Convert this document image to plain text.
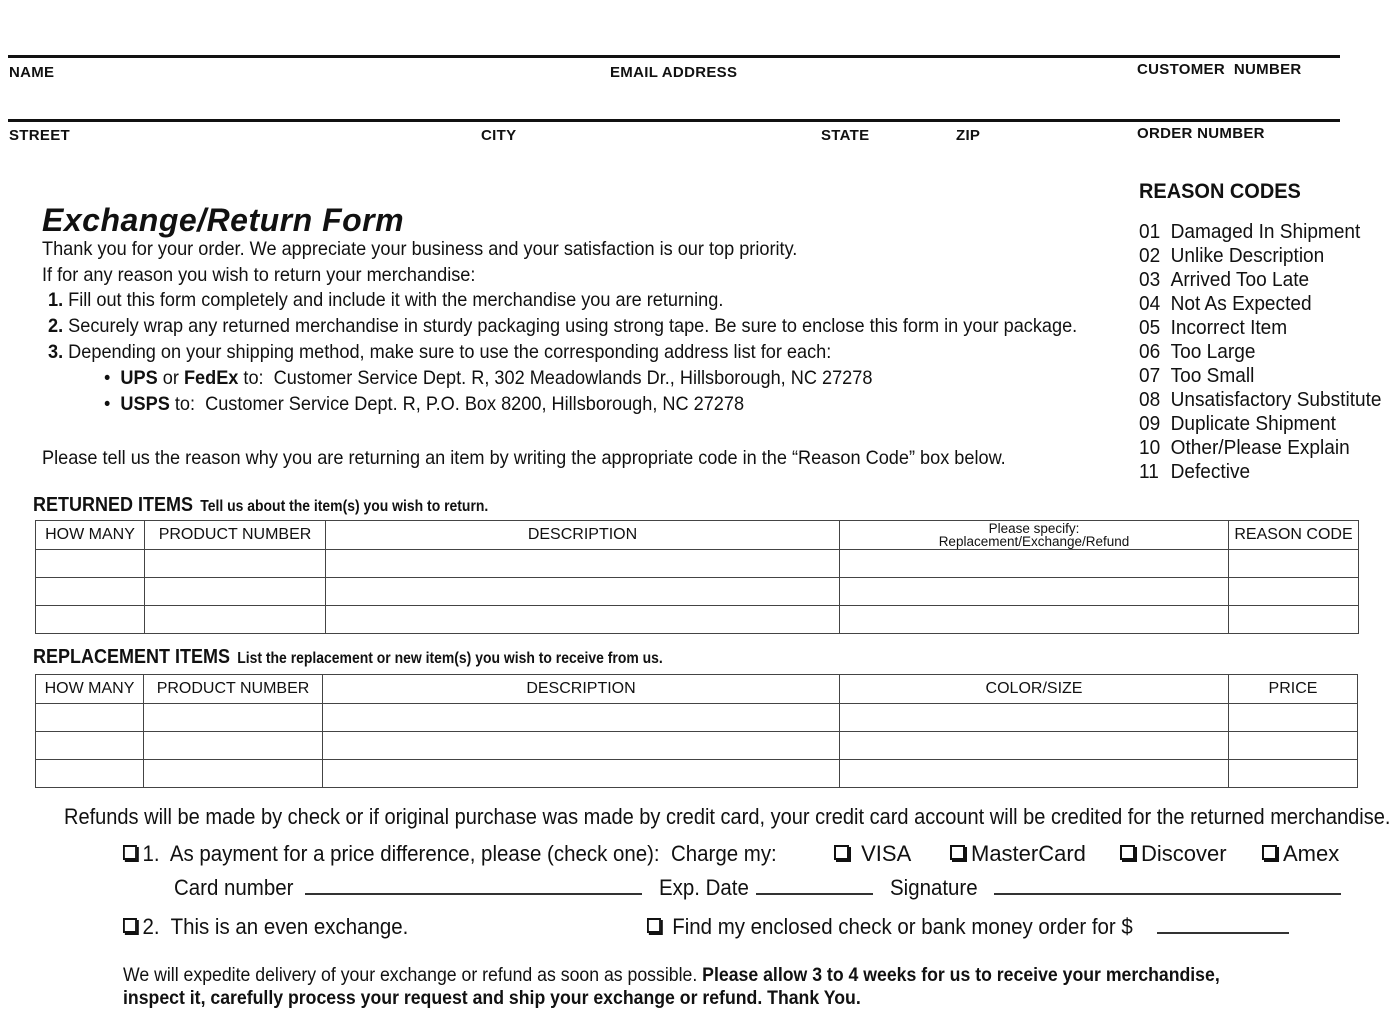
NAME	EMAIL ADDRESS	CUSTOMER  NUMBER
STREET	CITY	STATE	ZIP	ORDER NUMBER
Exchange/Return Form
Thank you for your order. We appreciate your business and your satisfaction is our top priority.
If for any reason you wish to return your merchandise:
1. Fill out this form completely and include it with the merchandise you are returning.
2. Securely wrap any returned merchandise in sturdy packaging using strong tape. Be sure to enclose this form in your package.
3. Depending on your shipping method, make sure to use the corresponding address list for each:
• UPS or FedEx to: Customer Service Dept. R, 302 Meadowlands Dr., Hillsborough, NC 27278
• USPS to: Customer Service Dept. R, P.O. Box 8200, Hillsborough, NC 27278
Please tell us the reason why you are returning an item by writing the appropriate code in the “Reason Code” box below.
REASON CODES
01 Damaged In Shipment
02 Unlike Description
03 Arrived Too Late
04 Not As Expected
05 Incorrect Item
06 Too Large
07 Too Small
08 Unsatisfactory Substitute
09 Duplicate Shipment
10 Other/Please Explain
11 Defective
RETURNED ITEMS Tell us about the item(s) you wish to return.
HOW MANY	PRODUCT NUMBER	DESCRIPTION	Please specify:
Replacement/Exchange/Refund	REASON CODE

REPLACEMENT ITEMS List the replacement or new item(s) you wish to receive from us.
HOW MANY	PRODUCT NUMBER	DESCRIPTION	COLOR/SIZE	PRICE

Refunds will be made by check or if original purchase was made by credit card, your credit card account will be credited for the returned merchandise.
1.  As payment for a price difference, please (check one):  Charge my:	VISA	MasterCard	Discover	Amex
Card number	Exp. Date	Signature
2.  This is an even exchange.	Find my enclosed check or bank money order for $
We will expedite delivery of your exchange or refund as soon as possible. Please allow 3 to 4 weeks for us to receive your merchandise,
inspect it, carefully process your request and ship your exchange or refund. Thank You.
